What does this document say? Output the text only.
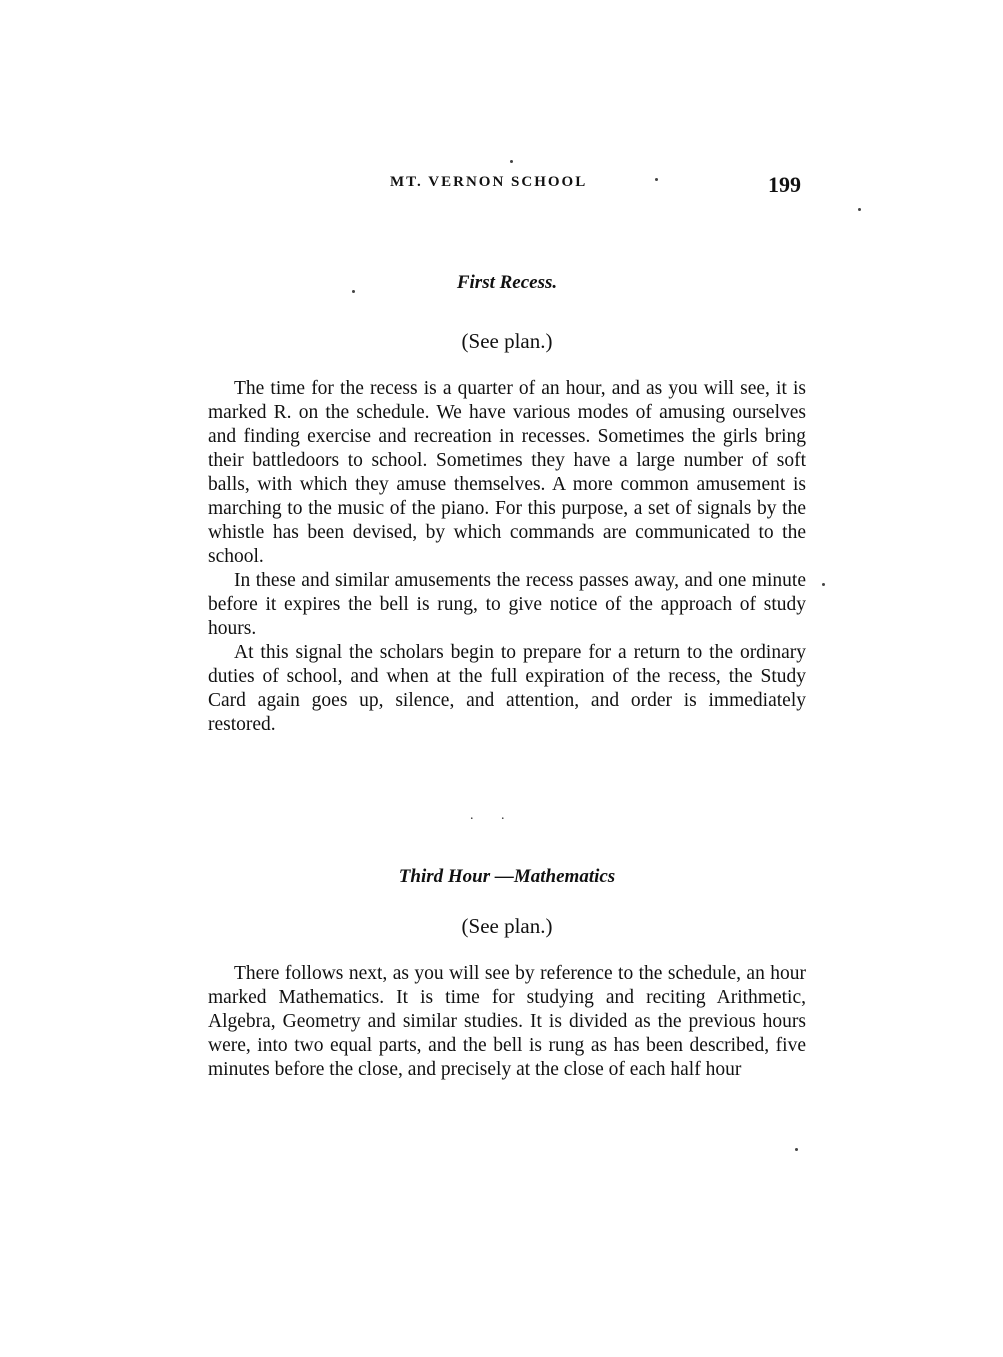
MT. VERNON SCHOOL	199

First Recess.

(See plan.)

The time for the recess is a quarter of an hour, and as you will see, it is marked R. on the schedule. We have various modes of amusing ourselves and finding exercise and recreation in recesses. Sometimes the girls bring their battledoors to school. Sometimes they have a large number of soft balls, with which they amuse themselves. A more common amusement is marching to the music of the piano. For this purpose, a set of signals by the whistle has been devised, by which commands are communicated to the school.

In these and similar amusements the recess passes away, and one minute before it expires the bell is rung, to give notice of the approach of study hours.

At this signal the scholars begin to prepare for a return to the ordinary duties of school, and when at the full expiration of the recess, the Study Card again goes up, silence, and attention, and order is immediately restored.

. .

Third Hour —Mathematics

(See plan.)

There follows next, as you will see by reference to the schedule, an hour marked Mathematics. It is time for studying and reciting Arithmetic, Algebra, Geometry and similar studies. It is divided as the previous hours were, into two equal parts, and the bell is rung as has been described, five minutes before the close, and precisely at the close of each half hour
